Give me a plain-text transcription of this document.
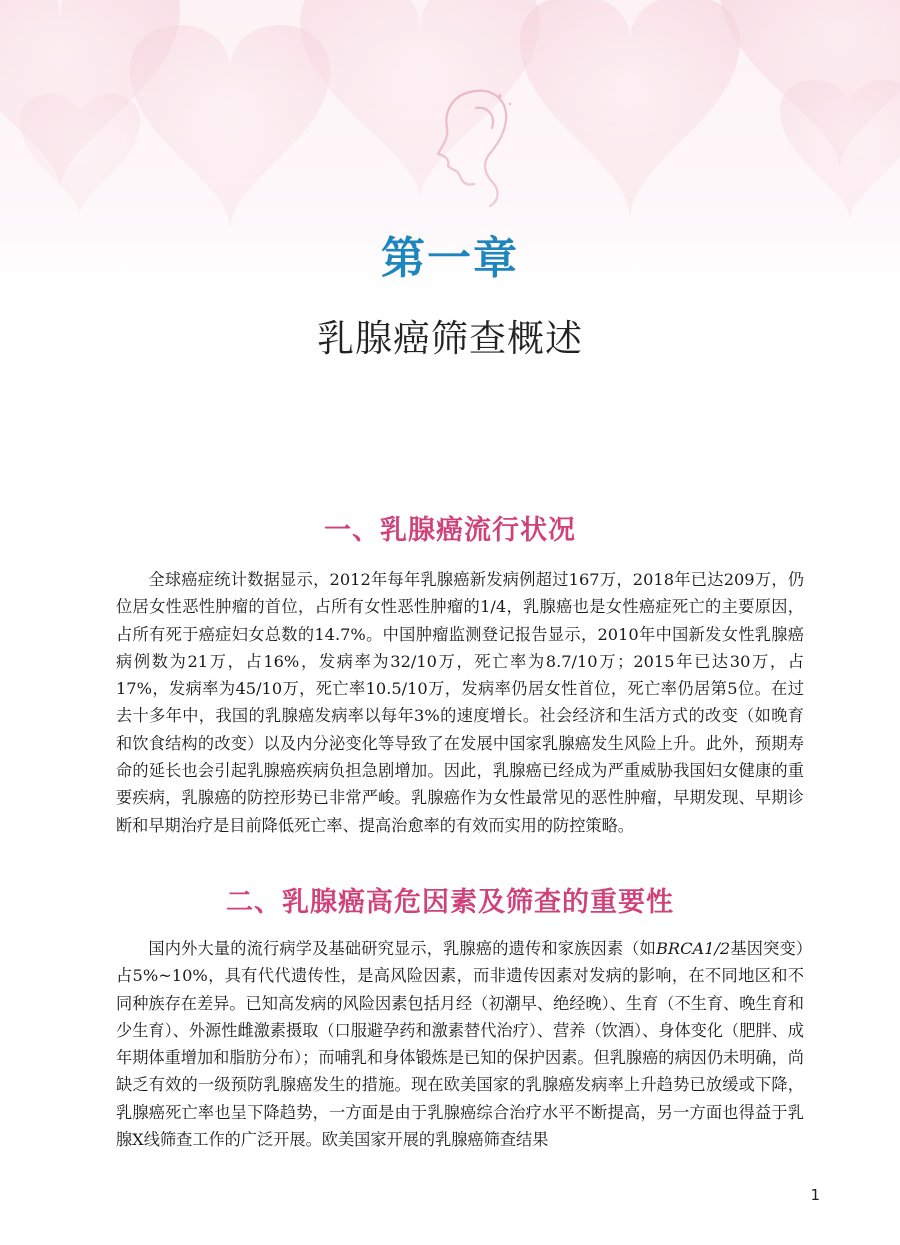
第一章
乳腺癌筛查概述
一、乳腺癌流行状况
全球癌症统计数据显示，2012年每年乳腺癌新发病例超过167万，2018年已达209万，仍位居女性恶性肿瘤的首位，占所有女性恶性肿瘤的1/4，乳腺癌也是女性癌症死亡的主要原因，占所有死于癌症妇女总数的14.7%。中国肿瘤监测登记报告显示，2010年中国新发女性乳腺癌病例数为21万，占16%，发病率为32/10万，死亡率为8.7/10万；2015年已达30万，占17%，发病率为45/10万，死亡率10.5/10万，发病率仍居女性首位，死亡率仍居第5位。在过去十多年中，我国的乳腺癌发病率以每年3%的速度增长。社会经济和生活方式的改变（如晚育和饮食结构的改变）以及内分泌变化等导致了在发展中国家乳腺癌发生风险上升。此外，预期寿命的延长也会引起乳腺癌疾病负担急剧增加。因此，乳腺癌已经成为严重威胁我国妇女健康的重要疾病，乳腺癌的防控形势已非常严峻。乳腺癌作为女性最常见的恶性肿瘤，早期发现、早期诊断和早期治疗是目前降低死亡率、提高治愈率的有效而实用的防控策略。
二、乳腺癌高危因素及筛查的重要性
国内外大量的流行病学及基础研究显示，乳腺癌的遗传和家族因素（如BRCA1/2基因突变）占5%~10%，具有代代遗传性，是高风险因素，而非遗传因素对发病的影响，在不同地区和不同种族存在差异。已知高发病的风险因素包括月经（初潮早、绝经晚）、生育（不生育、晚生育和少生育）、外源性雌激素摄取（口服避孕药和激素替代治疗）、营养（饮酒）、身体变化（肥胖、成年期体重增加和脂肪分布）；而哺乳和身体锻炼是已知的保护因素。但乳腺癌的病因仍未明确，尚缺乏有效的一级预防乳腺癌发生的措施。现在欧美国家的乳腺癌发病率上升趋势已放缓或下降，乳腺癌死亡率也呈下降趋势，一方面是由于乳腺癌综合治疗水平不断提高，另一方面也得益于乳腺X线筛查工作的广泛开展。欧美国家开展的乳腺癌筛查结果
1
